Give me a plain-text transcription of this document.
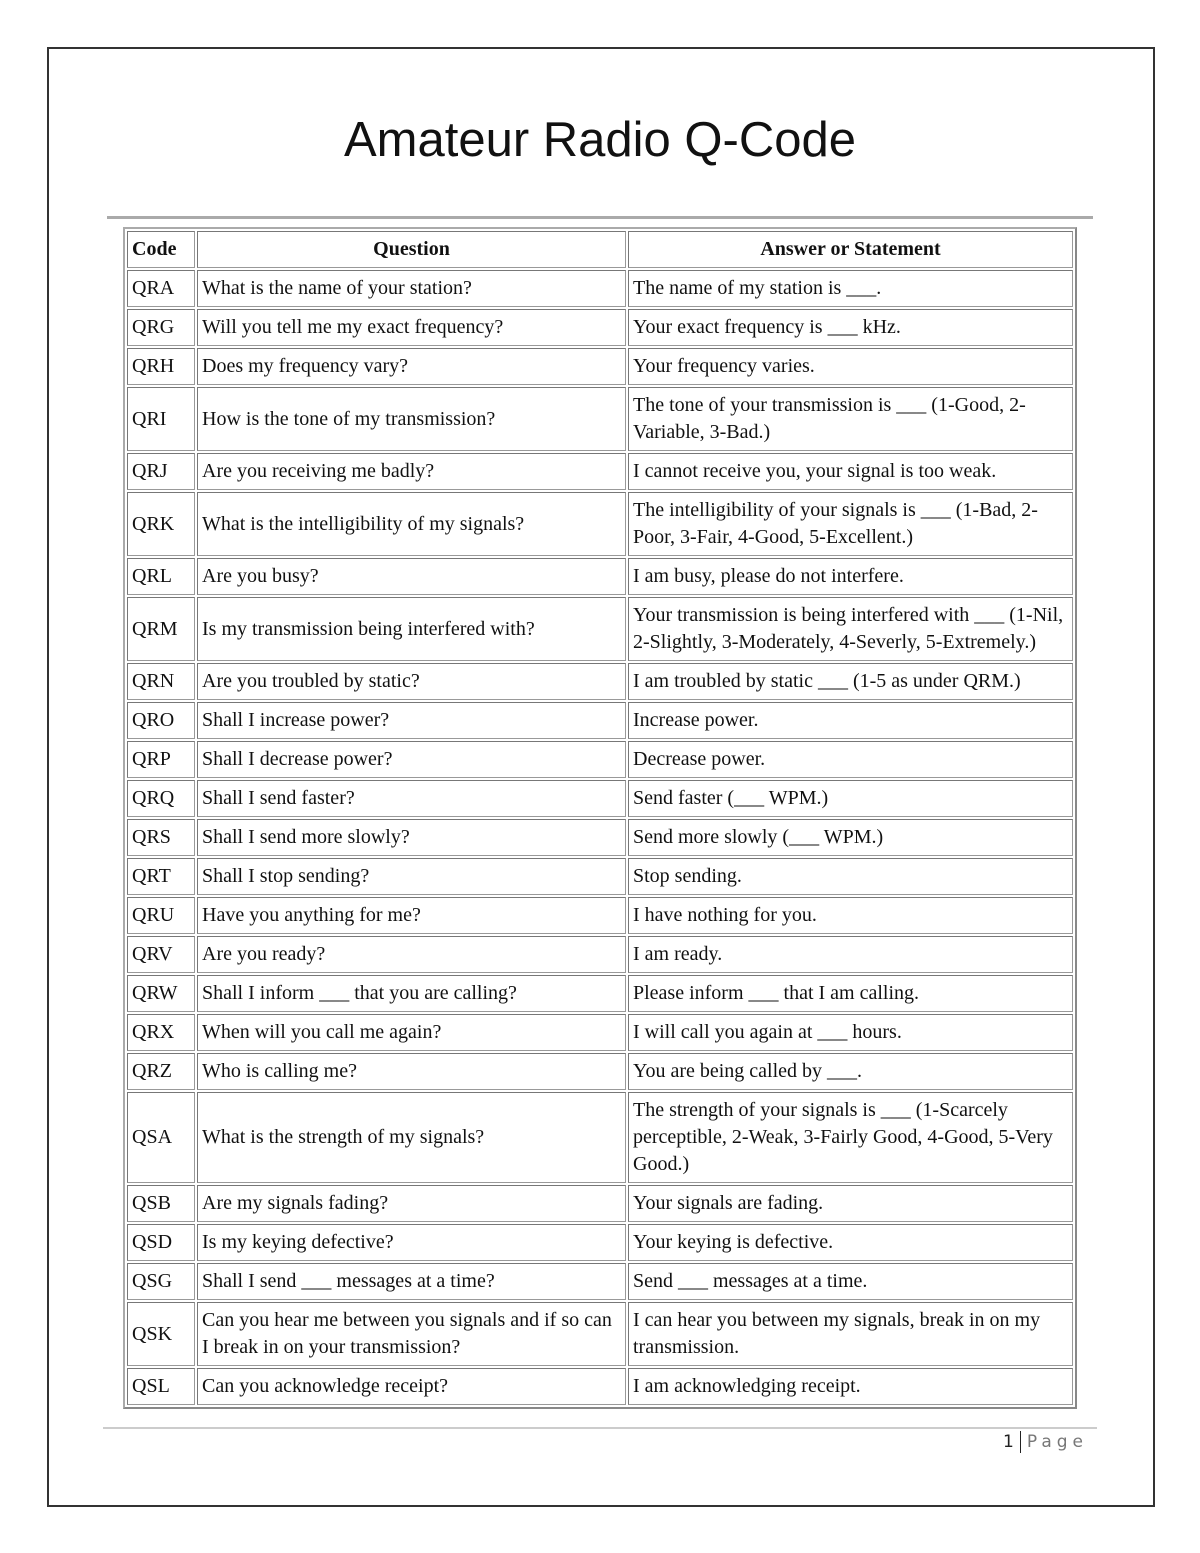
Amateur Radio Q-Code
Code	Question	Answer or Statement
QRA	What is the name of your station?	The name of my station is ___.
QRG	Will you tell me my exact frequency?	Your exact frequency is ___ kHz.
QRH	Does my frequency vary?	Your frequency varies.
QRI	How is the tone of my transmission?	The tone of your transmission is ___ (1-Good, 2-Variable, 3-Bad.)
QRJ	Are you receiving me badly?	I cannot receive you, your signal is too weak.
QRK	What is the intelligibility of my signals?	The intelligibility of your signals is ___ (1-Bad, 2-Poor, 3-Fair, 4-Good, 5-Excellent.)
QRL	Are you busy?	I am busy, please do not interfere.
QRM	Is my transmission being interfered with?	Your transmission is being interfered with ___ (1-Nil, 2-Slightly, 3-Moderately, 4-Severly, 5-Extremely.)
QRN	Are you troubled by static?	I am troubled by static ___ (1-5 as under QRM.)
QRO	Shall I increase power?	Increase power.
QRP	Shall I decrease power?	Decrease power.
QRQ	Shall I send faster?	Send faster (___ WPM.)
QRS	Shall I send more slowly?	Send more slowly (___ WPM.)
QRT	Shall I stop sending?	Stop sending.
QRU	Have you anything for me?	I have nothing for you.
QRV	Are you ready?	I am ready.
QRW	Shall I inform ___ that you are calling?	Please inform ___ that I am calling.
QRX	When will you call me again?	I will call you again at ___ hours.
QRZ	Who is calling me?	You are being called by ___.
QSA	What is the strength of my signals?	The strength of your signals is ___ (1-Scarcely perceptible, 2-Weak, 3-Fairly Good, 4-Good, 5-Very Good.)
QSB	Are my signals fading?	Your signals are fading.
QSD	Is my keying defective?	Your keying is defective.
QSG	Shall I send ___ messages at a time?	Send ___ messages at a time.
QSK	Can you hear me between you signals and if so can I break in on your transmission?	I can hear you between my signals, break in on my transmission.
QSL	Can you acknowledge receipt?	I am acknowledging receipt.
1 Page
